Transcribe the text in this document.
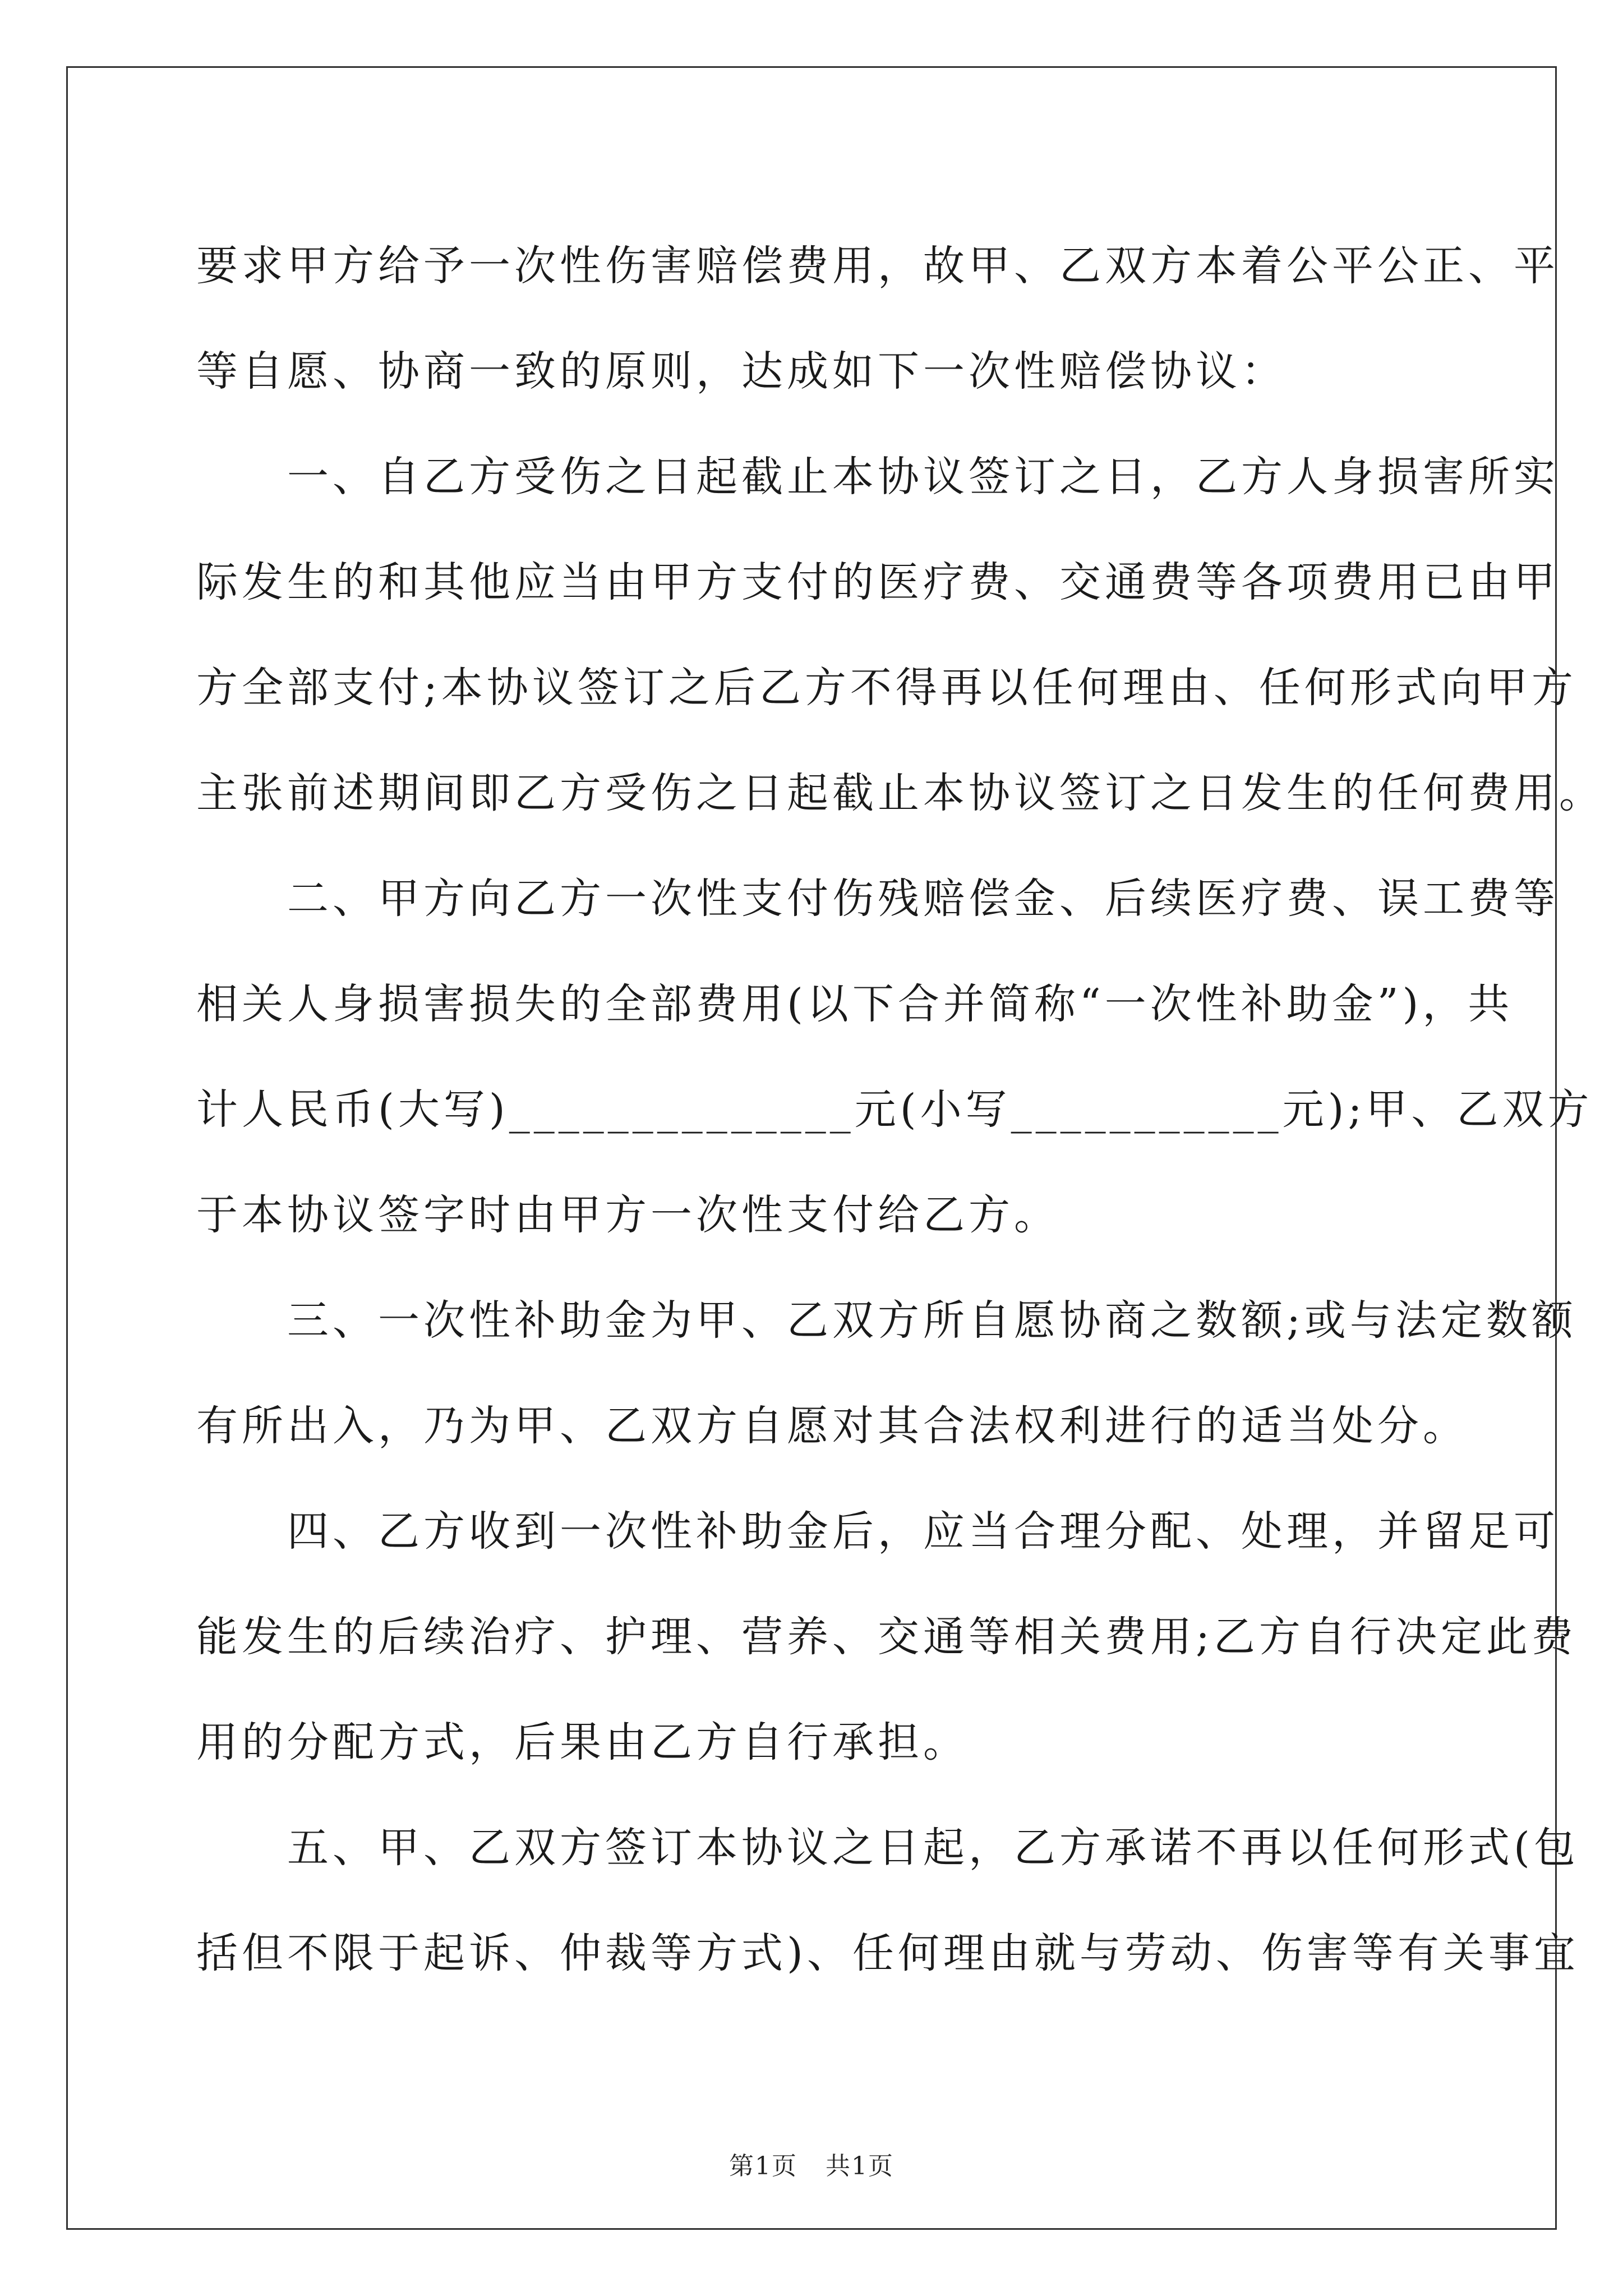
要求甲方给予一次性伤害赔偿费用，故甲、乙双方本着公平公正、平
等自愿、协商一致的原则，达成如下一次性赔偿协议：
　　一、自乙方受伤之日起截止本协议签订之日，乙方人身损害所实
际发生的和其他应当由甲方支付的医疗费、交通费等各项费用已由甲
方全部支付;本协议签订之后乙方不得再以任何理由、任何形式向甲方
主张前述期间即乙方受伤之日起截止本协议签订之日发生的任何费用。
　　二、甲方向乙方一次性支付伤残赔偿金、后续医疗费、误工费等
相关人身损害损失的全部费用(以下合并简称“一次性补助金”)，共
计人民币(大写)______________元(小写___________元);甲、乙双方
于本协议签字时由甲方一次性支付给乙方。
　　三、一次性补助金为甲、乙双方所自愿协商之数额;或与法定数额
有所出入，乃为甲、乙双方自愿对其合法权利进行的适当处分。
　　四、乙方收到一次性补助金后，应当合理分配、处理，并留足可
能发生的后续治疗、护理、营养、交通等相关费用;乙方自行决定此费
用的分配方式，后果由乙方自行承担。
　　五、甲、乙双方签订本协议之日起，乙方承诺不再以任何形式(包
括但不限于起诉、仲裁等方式)、任何理由就与劳动、伤害等有关事宜
第1页 共1页
